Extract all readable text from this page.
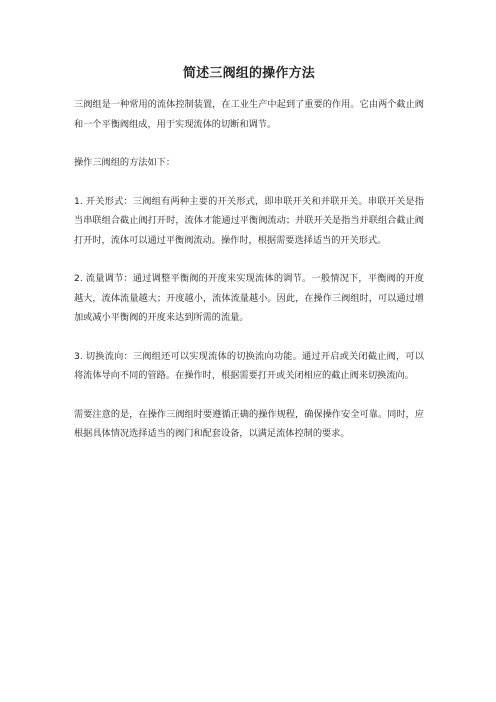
简述三阀组的操作方法
三阀组是一种常用的流体控制装置，在工业生产中起到了重要的作用。它由两个截止阀和一个平衡阀组成，用于实现流体的切断和调节。
操作三阀组的方法如下：
1. 开关形式：三阀组有两种主要的开关形式，即串联开关和并联开关。串联开关是指当串联组合截止阀打开时，流体才能通过平衡阀流动；并联开关是指当并联组合截止阀打开时，流体可以通过平衡阀流动。操作时，根据需要选择适当的开关形式。
2. 流量调节：通过调整平衡阀的开度来实现流体的调节。一般情况下，平衡阀的开度越大，流体流量越大；开度越小，流体流量越小。因此，在操作三阀组时，可以通过增加或减小平衡阀的开度来达到所需的流量。
3. 切换流向：三阀组还可以实现流体的切换流向功能。通过开启或关闭截止阀，可以将流体导向不同的管路。在操作时，根据需要打开或关闭相应的截止阀来切换流向。
需要注意的是，在操作三阀组时要遵循正确的操作规程，确保操作安全可靠。同时，应根据具体情况选择适当的阀门和配套设备，以满足流体控制的要求。
